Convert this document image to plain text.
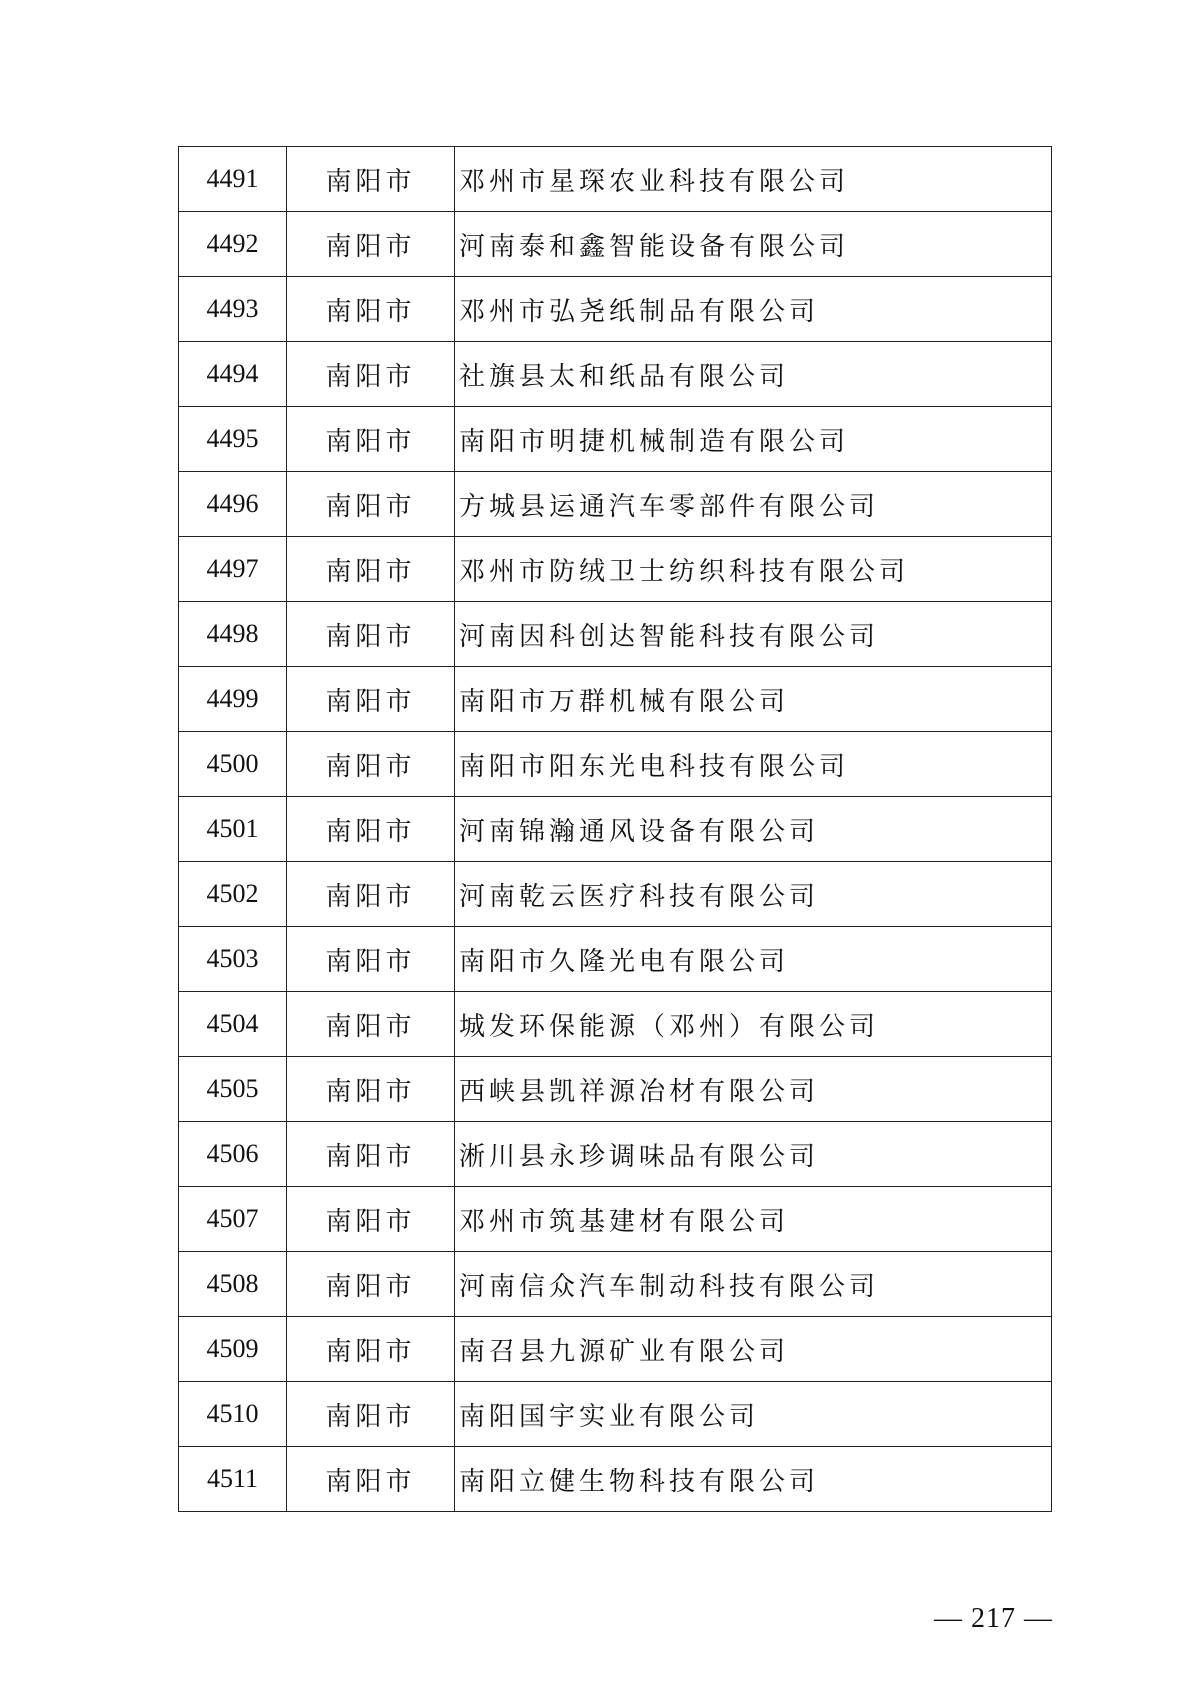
4491	南阳市	邓州市星琛农业科技有限公司
4492	南阳市	河南泰和鑫智能设备有限公司
4493	南阳市	邓州市弘尧纸制品有限公司
4494	南阳市	社旗县太和纸品有限公司
4495	南阳市	南阳市明捷机械制造有限公司
4496	南阳市	方城县运通汽车零部件有限公司
4497	南阳市	邓州市防绒卫士纺织科技有限公司
4498	南阳市	河南因科创达智能科技有限公司
4499	南阳市	南阳市万群机械有限公司
4500	南阳市	南阳市阳东光电科技有限公司
4501	南阳市	河南锦瀚通风设备有限公司
4502	南阳市	河南乾云医疗科技有限公司
4503	南阳市	南阳市久隆光电有限公司
4504	南阳市	城发环保能源（邓州）有限公司
4505	南阳市	西峡县凯祥源冶材有限公司
4506	南阳市	淅川县永珍调味品有限公司
4507	南阳市	邓州市筑基建材有限公司
4508	南阳市	河南信众汽车制动科技有限公司
4509	南阳市	南召县九源矿业有限公司
4510	南阳市	南阳国宇实业有限公司
4511	南阳市	南阳立健生物科技有限公司
— 217 —
